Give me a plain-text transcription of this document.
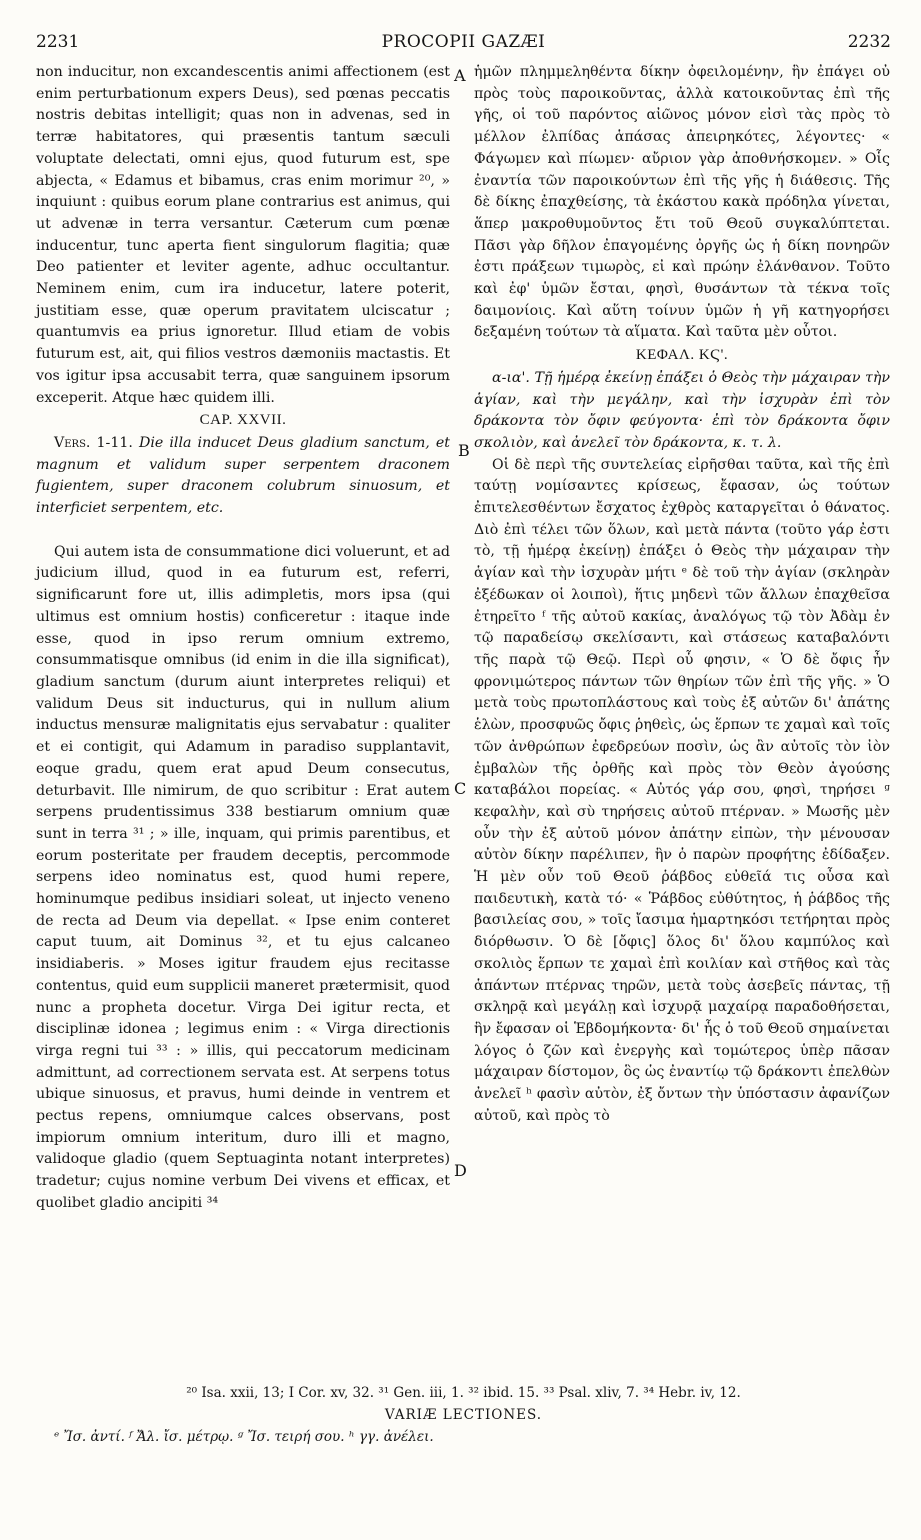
2231	PROCOPII GAZÆI	2232

non inducitur, non excandescentis animi affectionem (est enim perturbationum expers Deus), sed pœnas peccatis nostris debitas intelligit; quas non in advenas, sed in terræ habitatores, qui præsentis tantum sæculi voluptate delectati, omni ejus, quod futurum est, spe abjecta, « Edamus et bibamus, cras enim morimur ²⁰, » inquiunt : quibus eorum plane contrarius est animus, qui ut advenæ in terra versantur. Cæterum cum pœnæ inducentur, tunc aperta fient singulorum flagitia; quæ Deo patienter et leviter agente, adhuc occultantur. Neminem enim, cum ira inducetur, latere poterit, justitiam esse, quæ operum pravitatem ulciscatur ; quantumvis ea prius ignoretur. Illud etiam de vobis futurum est, ait, qui filios vestros dæmoniis mactastis. Et vos igitur ipsa accusabit terra, quæ sanguinem ipsorum exceperit. Atque hæc quidem illi.

CAP. XXVII.

Vers. 1-11. Die illa inducet Deus gladium sanctum, et magnum et validum super serpentem draconem fugientem, super draconem colubrum sinuosum, et interficiet serpentem, etc.

Qui autem ista de consummatione dici voluerunt, et ad judicium illud, quod in ea futurum est, referri, significarunt fore ut, illis adimpletis, mors ipsa (qui ultimus est omnium hostis) conficeretur : itaque inde esse, quod in ipso rerum omnium extremo, consummatisque omnibus (id enim in die illa significat), gladium sanctum (durum aiunt interpretes reliqui) et validum Deus sit inducturus, qui in nullum alium inductus mensuræ malignitatis ejus servabatur : qualiter et ei contigit, qui Adamum in paradiso supplantavit, eoque gradu, quem erat apud Deum consecutus, deturbavit. Ille nimirum, de quo scribitur : Erat autem serpens prudentissimus 338 bestiarum omnium quæ sunt in terra ³¹ ; » ille, inquam, qui primis parentibus, et eorum posteritate per fraudem deceptis, percommode serpens ideo nominatus est, quod humi repere, hominumque pedibus insidiari soleat, ut injecto veneno de recta ad Deum via depellat. « Ipse enim conteret caput tuum, ait Dominus ³², et tu ejus calcaneo insidiaberis. » Moses igitur fraudem ejus recitasse contentus, quid eum supplicii maneret prætermisit, quod nunc a propheta docetur. Virga Dei igitur recta, et disciplinæ idonea ; legimus enim : « Virga directionis virga regni tui ³³ : » illis, qui peccatorum medicinam admittunt, ad correctionem servata est. At serpens totus ubique sinuosus, et pravus, humi deinde in ventrem et pectus repens, omniumque calces observans, post impiorum omnium interitum, duro illi et magno, validoque gladio (quem Septuaginta notant interpretes) tradetur; cujus nomine verbum Dei vivens et efficax, et quolibet gladio ancipiti ³⁴

ἡμῶν πλημμεληθέντα δίκην ὀφειλομένην, ἣν ἐπάγει οὐ πρὸς τοὺς παροικοῦντας, ἀλλὰ κατοικοῦντας ἐπὶ τῆς γῆς, οἱ τοῦ παρόντος αἰῶνος μόνον εἰσὶ τὰς πρὸς τὸ μέλλον ἐλπίδας ἁπάσας ἀπειρηκότες, λέγοντες· « Φάγωμεν καὶ πίωμεν· αὔριον γὰρ ἀποθνήσκομεν. » Οἷς ἐναντία τῶν παροικούντων ἐπὶ τῆς γῆς ἡ διάθεσις. Τῆς δὲ δίκης ἐπαχθείσης, τὰ ἑκάστου κακὰ πρόδηλα γίνεται, ἅπερ μακροθυμοῦντος ἔτι τοῦ Θεοῦ συγκαλύπτεται. Πᾶσι γὰρ δῆλον ἐπαγομένης ὀργῆς ὡς ἡ δίκη πονηρῶν ἐστι πράξεων τιμωρὸς, εἰ καὶ πρώην ἐλάνθανον. Τοῦτο καὶ ἐφ' ὑμῶν ἔσται, φησὶ, θυσάντων τὰ τέκνα τοῖς δαιμονίοις. Καὶ αὕτη τοίνυν ὑμῶν ἡ γῆ κατηγορήσει δεξαμένη τούτων τὰ αἵματα. Καὶ ταῦτα μὲν οὗτοι.

ΚΕΦΑΛ. ΚϚ'.

α-ια'. Τῇ ἡμέρᾳ ἐκείνῃ ἐπάξει ὁ Θεὸς τὴν μάχαιραν τὴν ἁγίαν, καὶ τὴν μεγάλην, καὶ τὴν ἰσχυρὰν ἐπὶ τὸν δράκοντα τὸν ὄφιν φεύγοντα· ἐπὶ τὸν δράκοντα ὄφιν σκολιὸν, καὶ ἀνελεῖ τὸν δράκοντα, κ. τ. λ.

Οἱ δὲ περὶ τῆς συντελείας εἰρῆσθαι ταῦτα, καὶ τῆς ἐπὶ ταύτῃ νομίσαντες κρίσεως, ἔφασαν, ὡς τούτων ἐπιτελεσθέντων ἔσχατος ἐχθρὸς καταργεῖται ὁ θάνατος. Διὸ ἐπὶ τέλει τῶν ὅλων, καὶ μετὰ πάντα (τοῦτο γάρ ἐστι τὸ, τῇ ἡμέρᾳ ἐκείνῃ) ἐπάξει ὁ Θεὸς τὴν μάχαιραν τὴν ἁγίαν καὶ τὴν ἰσχυρὰν μήτι ᵉ δὲ τοῦ τὴν ἁγίαν (σκληρὰν ἐξέδωκαν οἱ λοιποὶ), ἥτις μηδενὶ τῶν ἄλλων ἐπαχθεῖσα ἐτηρεῖτο ᶠ τῆς αὐτοῦ κακίας, ἀναλόγως τῷ τὸν Ἀδὰμ ἐν τῷ παραδείσῳ σκελίσαντι, καὶ στάσεως καταβαλόντι τῆς παρὰ τῷ Θεῷ. Περὶ οὗ φησιν, « Ὁ δὲ ὄφις ἦν φρονιμώτερος πάντων τῶν θηρίων τῶν ἐπὶ τῆς γῆς. » Ὁ μετὰ τοὺς πρωτοπλάστους καὶ τοὺς ἐξ αὐτῶν δι' ἀπάτης ἑλὼν, προσφυῶς ὄφις ῥηθεὶς, ὡς ἕρπων τε χαμαὶ καὶ τοῖς τῶν ἀνθρώπων ἐφεδρεύων ποσὶν, ὡς ἂν αὐτοῖς τὸν ἰὸν ἐμβαλὼν τῆς ὀρθῆς καὶ πρὸς τὸν Θεὸν ἀγούσης καταβάλοι πορείας. « Αὐτός γάρ σου, φησὶ, τηρήσει ᵍ κεφαλὴν, καὶ σὺ τηρήσεις αὐτοῦ πτέρναν. » Μωσῆς μὲν οὖν τὴν ἐξ αὐτοῦ μόνον ἀπάτην εἰπὼν, τὴν μένουσαν αὐτὸν δίκην παρέλιπεν, ἣν ὁ παρὼν προφήτης ἐδίδαξεν. Ἡ μὲν οὖν τοῦ Θεοῦ ῥάβδος εὐθεῖά τις οὖσα καὶ παιδευτικὴ, κατὰ τό· « Ῥάβδος εὐθύτητος, ἡ ῥάβδος τῆς βασιλείας σου, » τοῖς ἴασιμα ἡμαρτηκόσι τετήρηται πρὸς διόρθωσιν. Ὁ δὲ [ὄφις] ὅλος δι' ὅλου καμπύλος καὶ σκολιὸς ἕρπων τε χαμαὶ ἐπὶ κοιλίαν καὶ στῆθος καὶ τὰς ἁπάντων πτέρνας τηρῶν, μετὰ τοὺς ἀσεβεῖς πάντας, τῇ σκληρᾷ καὶ μεγάλῃ καὶ ἰσχυρᾷ μαχαίρᾳ παραδοθήσεται, ἣν ἔφασαν οἱ Ἑβδομήκοντα· δι' ἧς ὁ τοῦ Θεοῦ σημαίνεται λόγος ὁ ζῶν καὶ ἐνεργὴς καὶ τομώτερος ὑπὲρ πᾶσαν μάχαιραν δίστομον, ὃς ὡς ἐναντίῳ τῷ δράκοντι ἐπελθὼν ἀνελεῖ ʰ φασὶν αὐτὸν, ἐξ ὄντων τὴν ὑπόστασιν ἀφανίζων αὐτοῦ, καὶ πρὸς τὸ

A
B
C
D
²⁰ Isa. xxii, 13; I Cor. xv, 32. ³¹ Gen. iii, 1. ³² ibid. 15. ³³ Psal. xliv, 7. ³⁴ Hebr. iv, 12.
VARIÆ LECTIONES.
ᵉ Ἴσ. ἀντί. ᶠ Ἄλ. ἴσ. μέτρῳ. ᵍ Ἴσ. τειρή σου. ʰ γγ. ἀνέλει.
